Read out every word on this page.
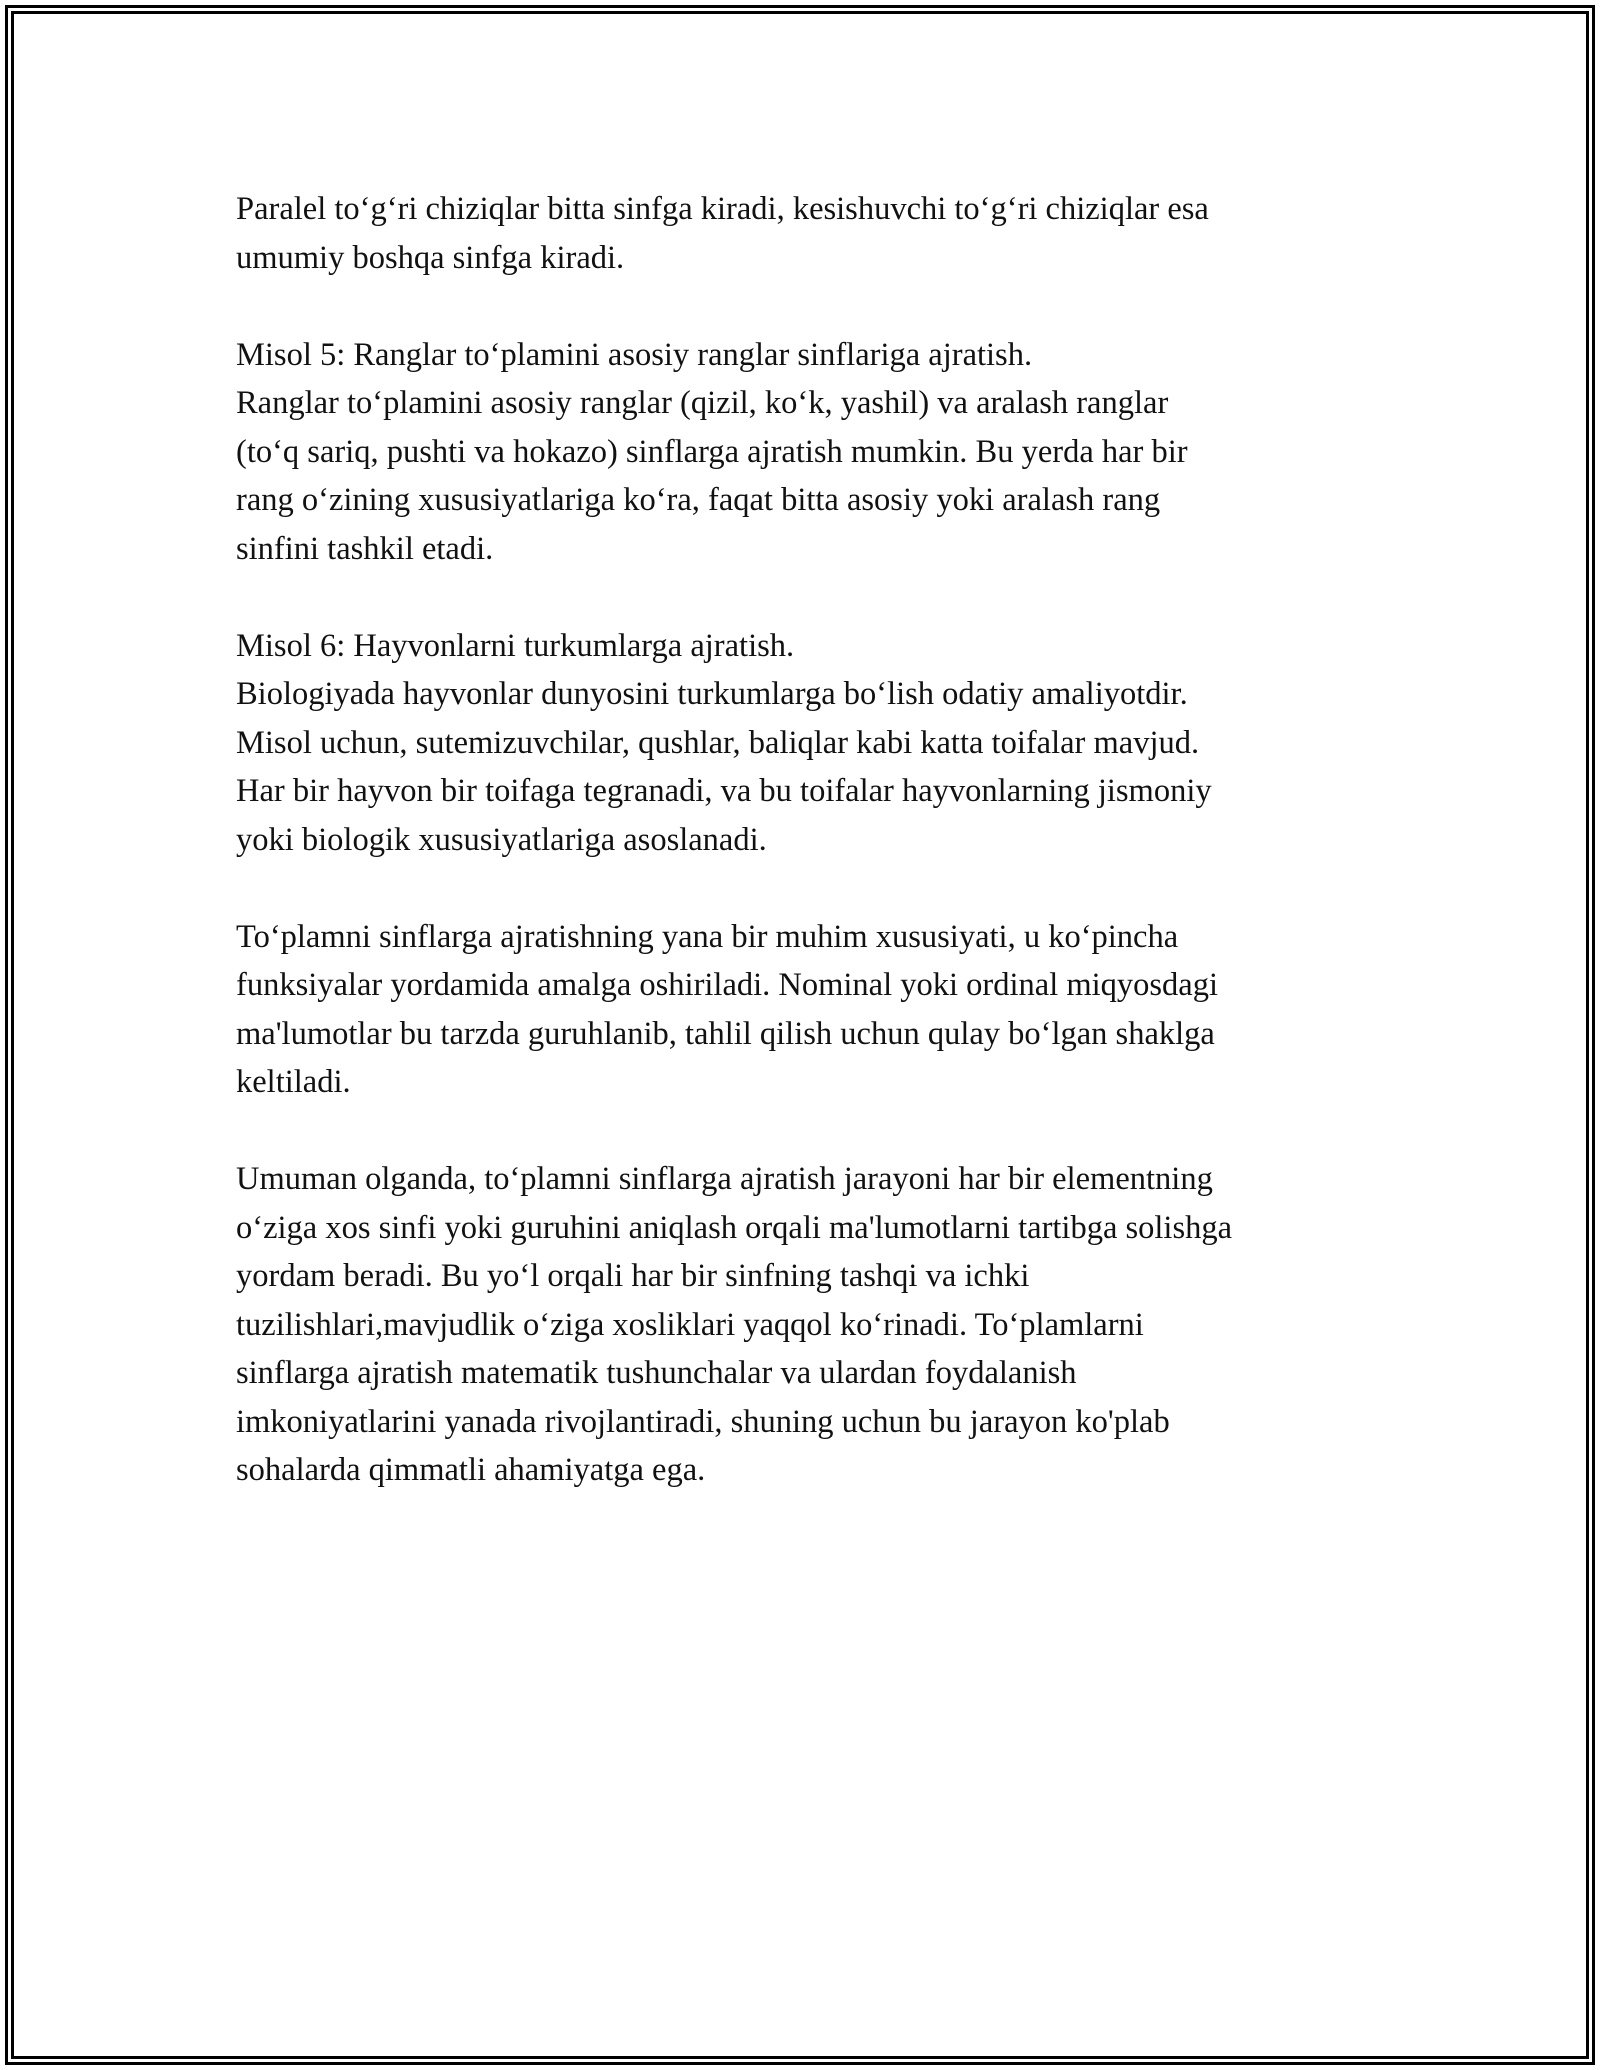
Paralel to‘g‘ri chiziqlar bitta sinfga kiradi, kesishuvchi to‘g‘ri chiziqlar esa
umumiy boshqa sinfga kiradi.

Misol 5: Ranglar to‘plamini asosiy ranglar sinflariga ajratish.
Ranglar to‘plamini asosiy ranglar (qizil, ko‘k, yashil) va aralash ranglar
(to‘q sariq, pushti va hokazo) sinflarga ajratish mumkin. Bu yerda har bir
rang o‘zining xususiyatlariga ko‘ra, faqat bitta asosiy yoki aralash rang
sinfini tashkil etadi.

Misol 6: Hayvonlarni turkumlarga ajratish.
Biologiyada hayvonlar dunyosini turkumlarga bo‘lish odatiy amaliyotdir.
Misol uchun, sutemizuvchilar, qushlar, baliqlar kabi katta toifalar mavjud.
Har bir hayvon bir toifaga tegranadi, va bu toifalar hayvonlarning jismoniy
yoki biologik xususiyatlariga asoslanadi.

To‘plamni sinflarga ajratishning yana bir muhim xususiyati, u ko‘pincha
funksiyalar yordamida amalga oshiriladi. Nominal yoki ordinal miqyosdagi
ma'lumotlar bu tarzda guruhlanib, tahlil qilish uchun qulay bo‘lgan shaklga
keltiladi.

Umuman olganda, to‘plamni sinflarga ajratish jarayoni har bir elementning
o‘ziga xos sinfi yoki guruhini aniqlash orqali ma'lumotlarni tartibga solishga
yordam beradi. Bu yo‘l orqali har bir sinfning tashqi va ichki
tuzilishlari,mavjudlik o‘ziga xosliklari yaqqol ko‘rinadi. To‘plamlarni
sinflarga ajratish matematik tushunchalar va ulardan foydalanish
imkoniyatlarini yanada rivojlantiradi, shuning uchun bu jarayon ko'plab
sohalarda qimmatli ahamiyatga ega.
